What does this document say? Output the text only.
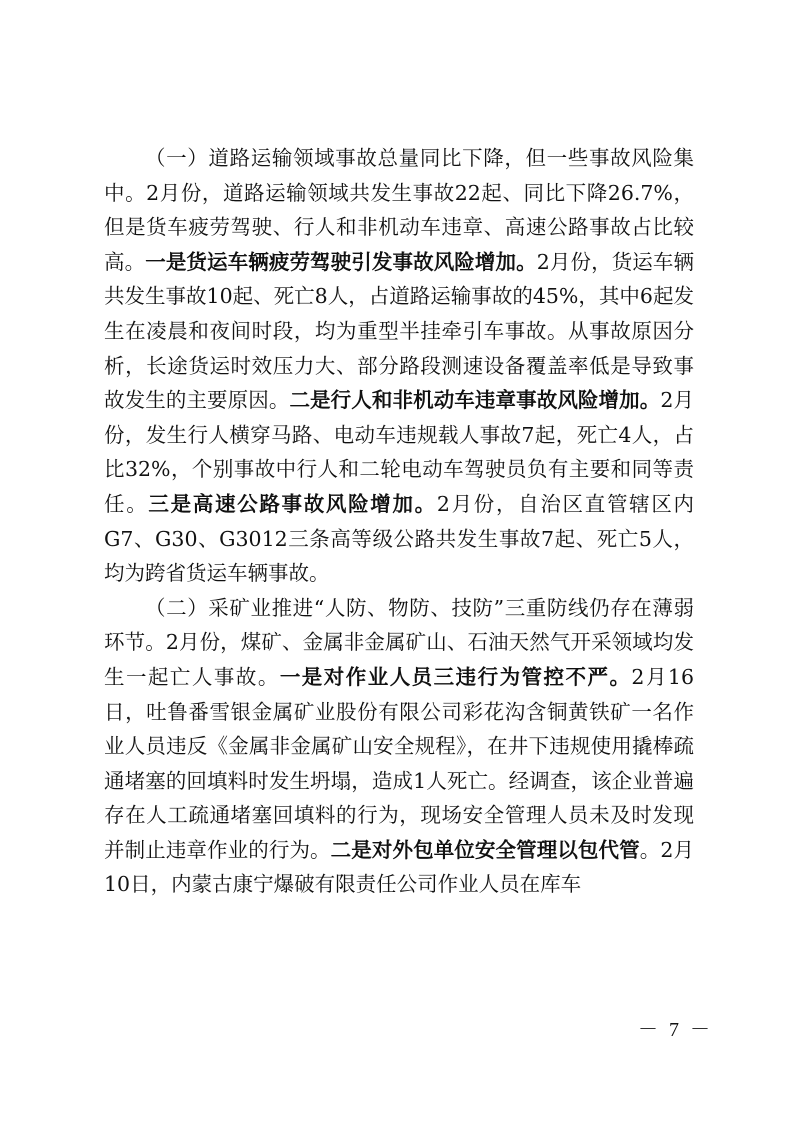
（一）道路运输领域事故总量同比下降，但一些事故风险集中。2月份，道路运输领域共发生事故22起、同比下降26.7%，但是货车疲劳驾驶、行人和非机动车违章、高速公路事故占比较高。一是货运车辆疲劳驾驶引发事故风险增加。2月份，货运车辆共发生事故10起、死亡8人，占道路运输事故的45%，其中6起发生在凌晨和夜间时段，均为重型半挂牵引车事故。从事故原因分析，长途货运时效压力大、部分路段测速设备覆盖率低是导致事故发生的主要原因。二是行人和非机动车违章事故风险增加。2月份，发生行人横穿马路、电动车违规载人事故7起，死亡4人，占比32%，个别事故中行人和二轮电动车驾驶员负有主要和同等责任。三是高速公路事故风险增加。2月份，自治区直管辖区内G7、G30、G3012三条高等级公路共发生事故7起、死亡5人，均为跨省货运车辆事故。

（二）采矿业推进“人防、物防、技防”三重防线仍存在薄弱环节。2月份，煤矿、金属非金属矿山、石油天然气开采领域均发生一起亡人事故。一是对作业人员三违行为管控不严。2月16日，吐鲁番雪银金属矿业股份有限公司彩花沟含铜黄铁矿一名作业人员违反《金属非金属矿山安全规程》，在井下违规使用撬棒疏通堵塞的回填料时发生坍塌，造成1人死亡。经调查，该企业普遍存在人工疏通堵塞回填料的行为，现场安全管理人员未及时发现并制止违章作业的行为。二是对外包单位安全管理以包代管。2月10日，内蒙古康宁爆破有限责任公司作业人员在库车

－ 7 －
